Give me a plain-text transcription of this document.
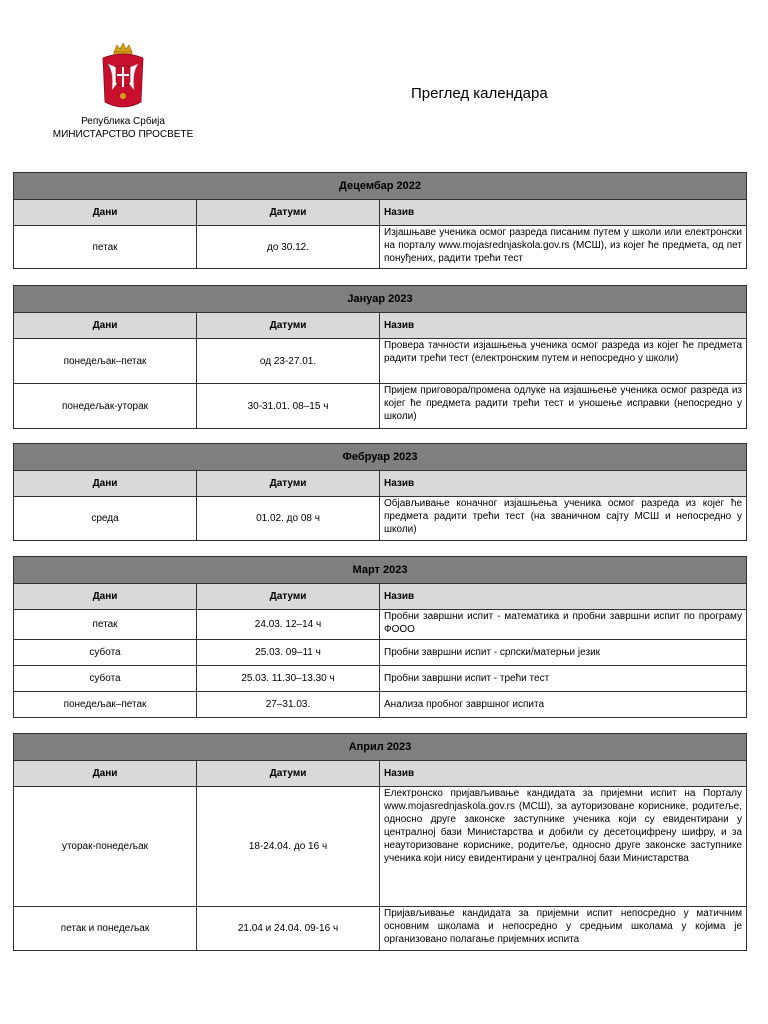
Република Србија
МИНИСТАРСТВО ПРОСВЕТЕ
Преглед календара
Децембар 2022		
Дани	Датуми	Назив
петак	до 30.12.	Изјашњаве ученика осмог разреда писаним путем у школи или електронски на порталу www.mojasrednjaskola.gov.rs (МСШ), из којег ће предмета, од пет понуђених, радити трећи тест
Јануар 2023		
Дани	Датуми	Назив
понедељак–петак	од 23-27.01.	Провера тачности изјашњења ученика осмог разреда из којег ће предмета радити трећи тест (електронским путем и непосредно у школи)
понедељак-уторак	30-31.01. 08–15 ч	Пријем приговора/промена одлуке на изјашњење ученика осмог разреда из којег ће предмета радити трећи тест и уношење исправки (непосредно у школи)
Фебруар 2023		
Дани	Датуми	Назив
среда	01.02. до 08 ч	Објављивање коначног изјашњења ученика осмог разреда из којег ће предмета радити трећи тест (на званичном сајту МСШ и непосредно у школи)
Март 2023		
Дани	Датуми	Назив
петак	24.03. 12–14 ч	Пробни завршни испит - математика и пробни завршни испит по програму ФООО
субота	25.03. 09–11 ч	Пробни завршни испит - српски/матерњи језик
субота	25.03. 11.30–13.30 ч	Пробни завршни испит - трећи тест
понедељак–петак	27–31.03.	Анализа пробног завршног испита
Април 2023		
Дани	Датуми	Назив
уторак-понедељак	18-24.04. до 16 ч	Електронско пријављивање кандидата за пријемни испит на Порталу www.mojasrednjaskola.gov.rs (МСШ), за ауторизоване кориснике, родитеље, односно друге законске заступнике ученика који су евидентирани у централној бази Министарства и добили су десетоцифрену шифру, и за неауторизоване кориснике, родитеље, односно друге законске заступнике ученика који нису евидентирани у централној бази Министарства
петак и понедељак	21.04 и 24.04. 09-16 ч	Пријављивање кандидата за пријемни испит непосредно у матичним основним школама и непосредно у средњим школама у којима је организовано полагање пријемних испита
